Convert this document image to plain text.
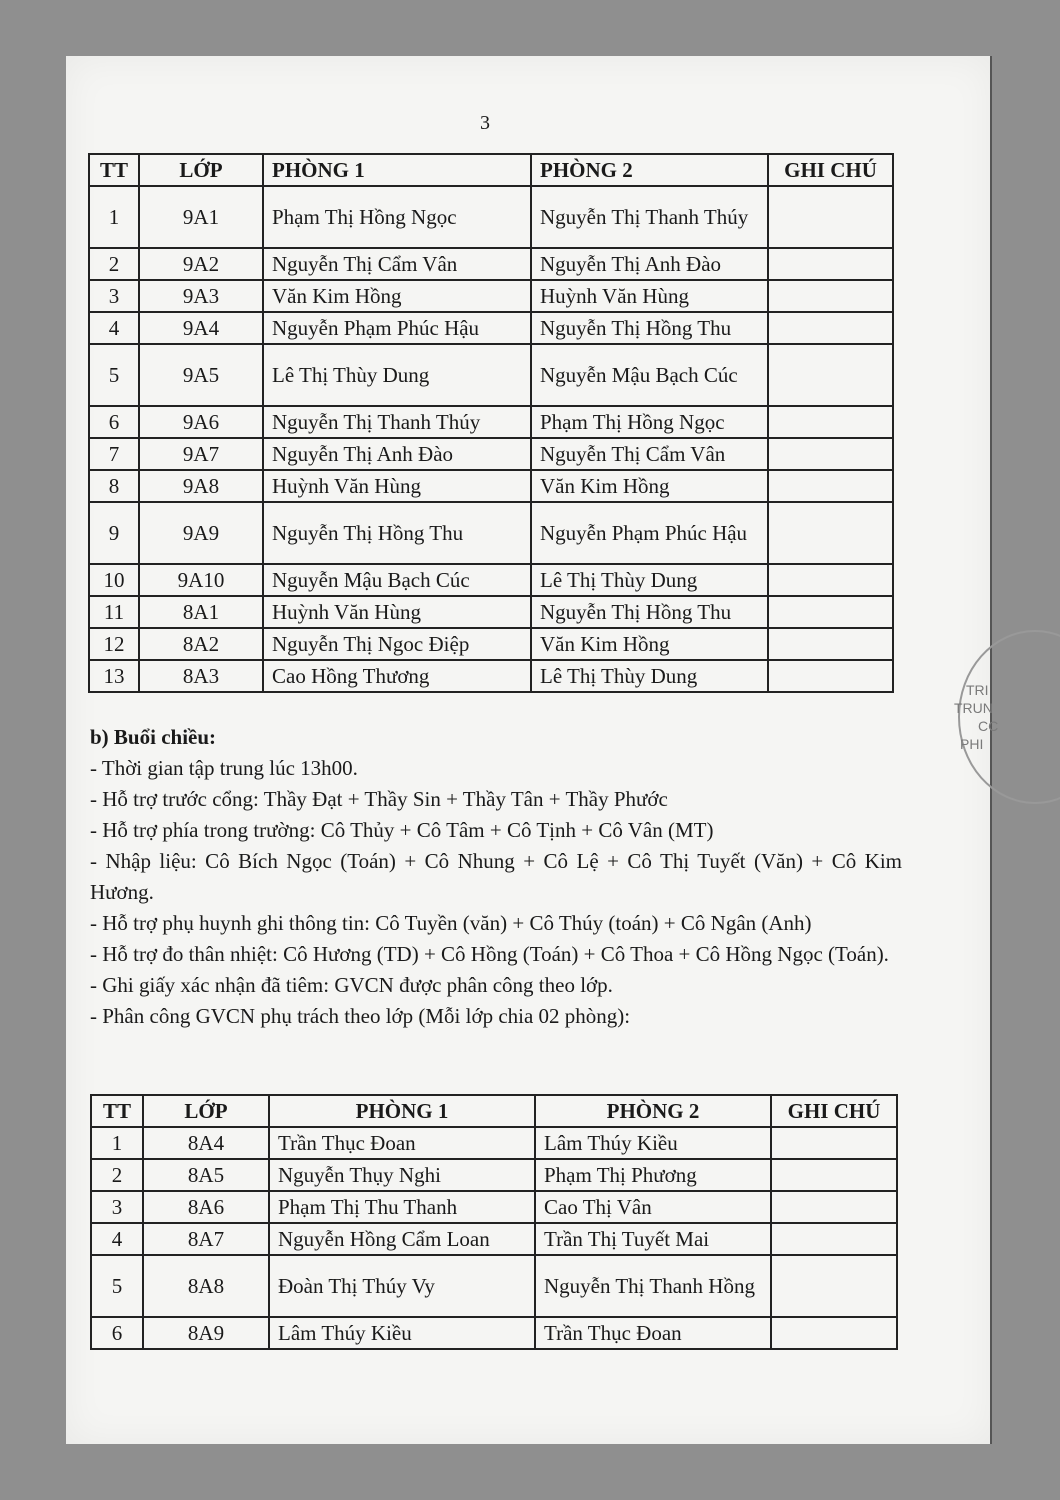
3
TT	LỚP	PHÒNG 1	PHÒNG 2	GHI CHÚ
1	9A1	Phạm Thị Hồng Ngọc	Nguyễn Thị Thanh Thúy	
2	9A2	Nguyễn Thị Cẩm Vân	Nguyễn Thị Anh Đào	
3	9A3	Văn Kim Hồng	Huỳnh Văn Hùng	
4	9A4	Nguyễn Phạm Phúc Hậu	Nguyễn Thị Hồng Thu	
5	9A5	Lê Thị Thùy Dung	Nguyễn Mậu Bạch Cúc	
6	9A6	Nguyễn Thị Thanh Thúy	Phạm Thị Hồng Ngọc	
7	9A7	Nguyễn Thị Anh Đào	Nguyễn Thị Cẩm Vân	
8	9A8	Huỳnh Văn Hùng	Văn Kim Hồng	
9	9A9	Nguyễn Thị Hồng Thu	Nguyễn Phạm Phúc Hậu	
10	9A10	Nguyễn Mậu Bạch Cúc	Lê Thị Thùy Dung	
11	8A1	Huỳnh Văn Hùng	Nguyễn Thị Hồng Thu	
12	8A2	Nguyễn Thị Ngoc Điệp	Văn Kim Hồng	
13	8A3	Cao Hồng Thương	Lê Thị Thùy Dung	

b) Buổi chiều:

- Thời gian tập trung lúc 13h00.

- Hỗ trợ trước cổng: Thầy Đạt + Thầy Sin + Thầy Tân + Thầy Phước

- Hỗ trợ phía trong trường: Cô Thủy + Cô Tâm + Cô Tịnh + Cô Vân (MT)

- Nhập liệu: Cô Bích Ngọc (Toán) + Cô Nhung + Cô Lệ + Cô Thị Tuyết (Văn) + Cô Kim Hương.

- Hỗ trợ phụ huynh ghi thông tin: Cô Tuyền (văn) + Cô Thúy (toán) + Cô Ngân (Anh)

- Hỗ trợ đo thân nhiệt: Cô Hương (TD) + Cô Hồng (Toán) + Cô Thoa + Cô Hồng Ngọc (Toán).

- Ghi giấy xác nhận đã tiêm: GVCN được phân công theo lớp.

- Phân công GVCN phụ trách theo lớp (Mỗi lớp chia 02 phòng):

TT	LỚP	PHÒNG 1	PHÒNG 2	GHI CHÚ
1	8A4	Trần Thục Đoan	Lâm Thúy Kiều	
2	8A5	Nguyễn Thụy Nghi	Phạm Thị Phương	
3	8A6	Phạm Thị Thu Thanh	Cao Thị Vân	
4	8A7	Nguyễn Hồng Cẩm Loan	Trần Thị Tuyết Mai	
5	8A8	Đoàn Thị Thúy Vy	Nguyễn Thị Thanh Hồng	
6	8A9	Lâm Thúy Kiều	Trần Thục Đoan	
TRI
TRUN
CC
PHI
